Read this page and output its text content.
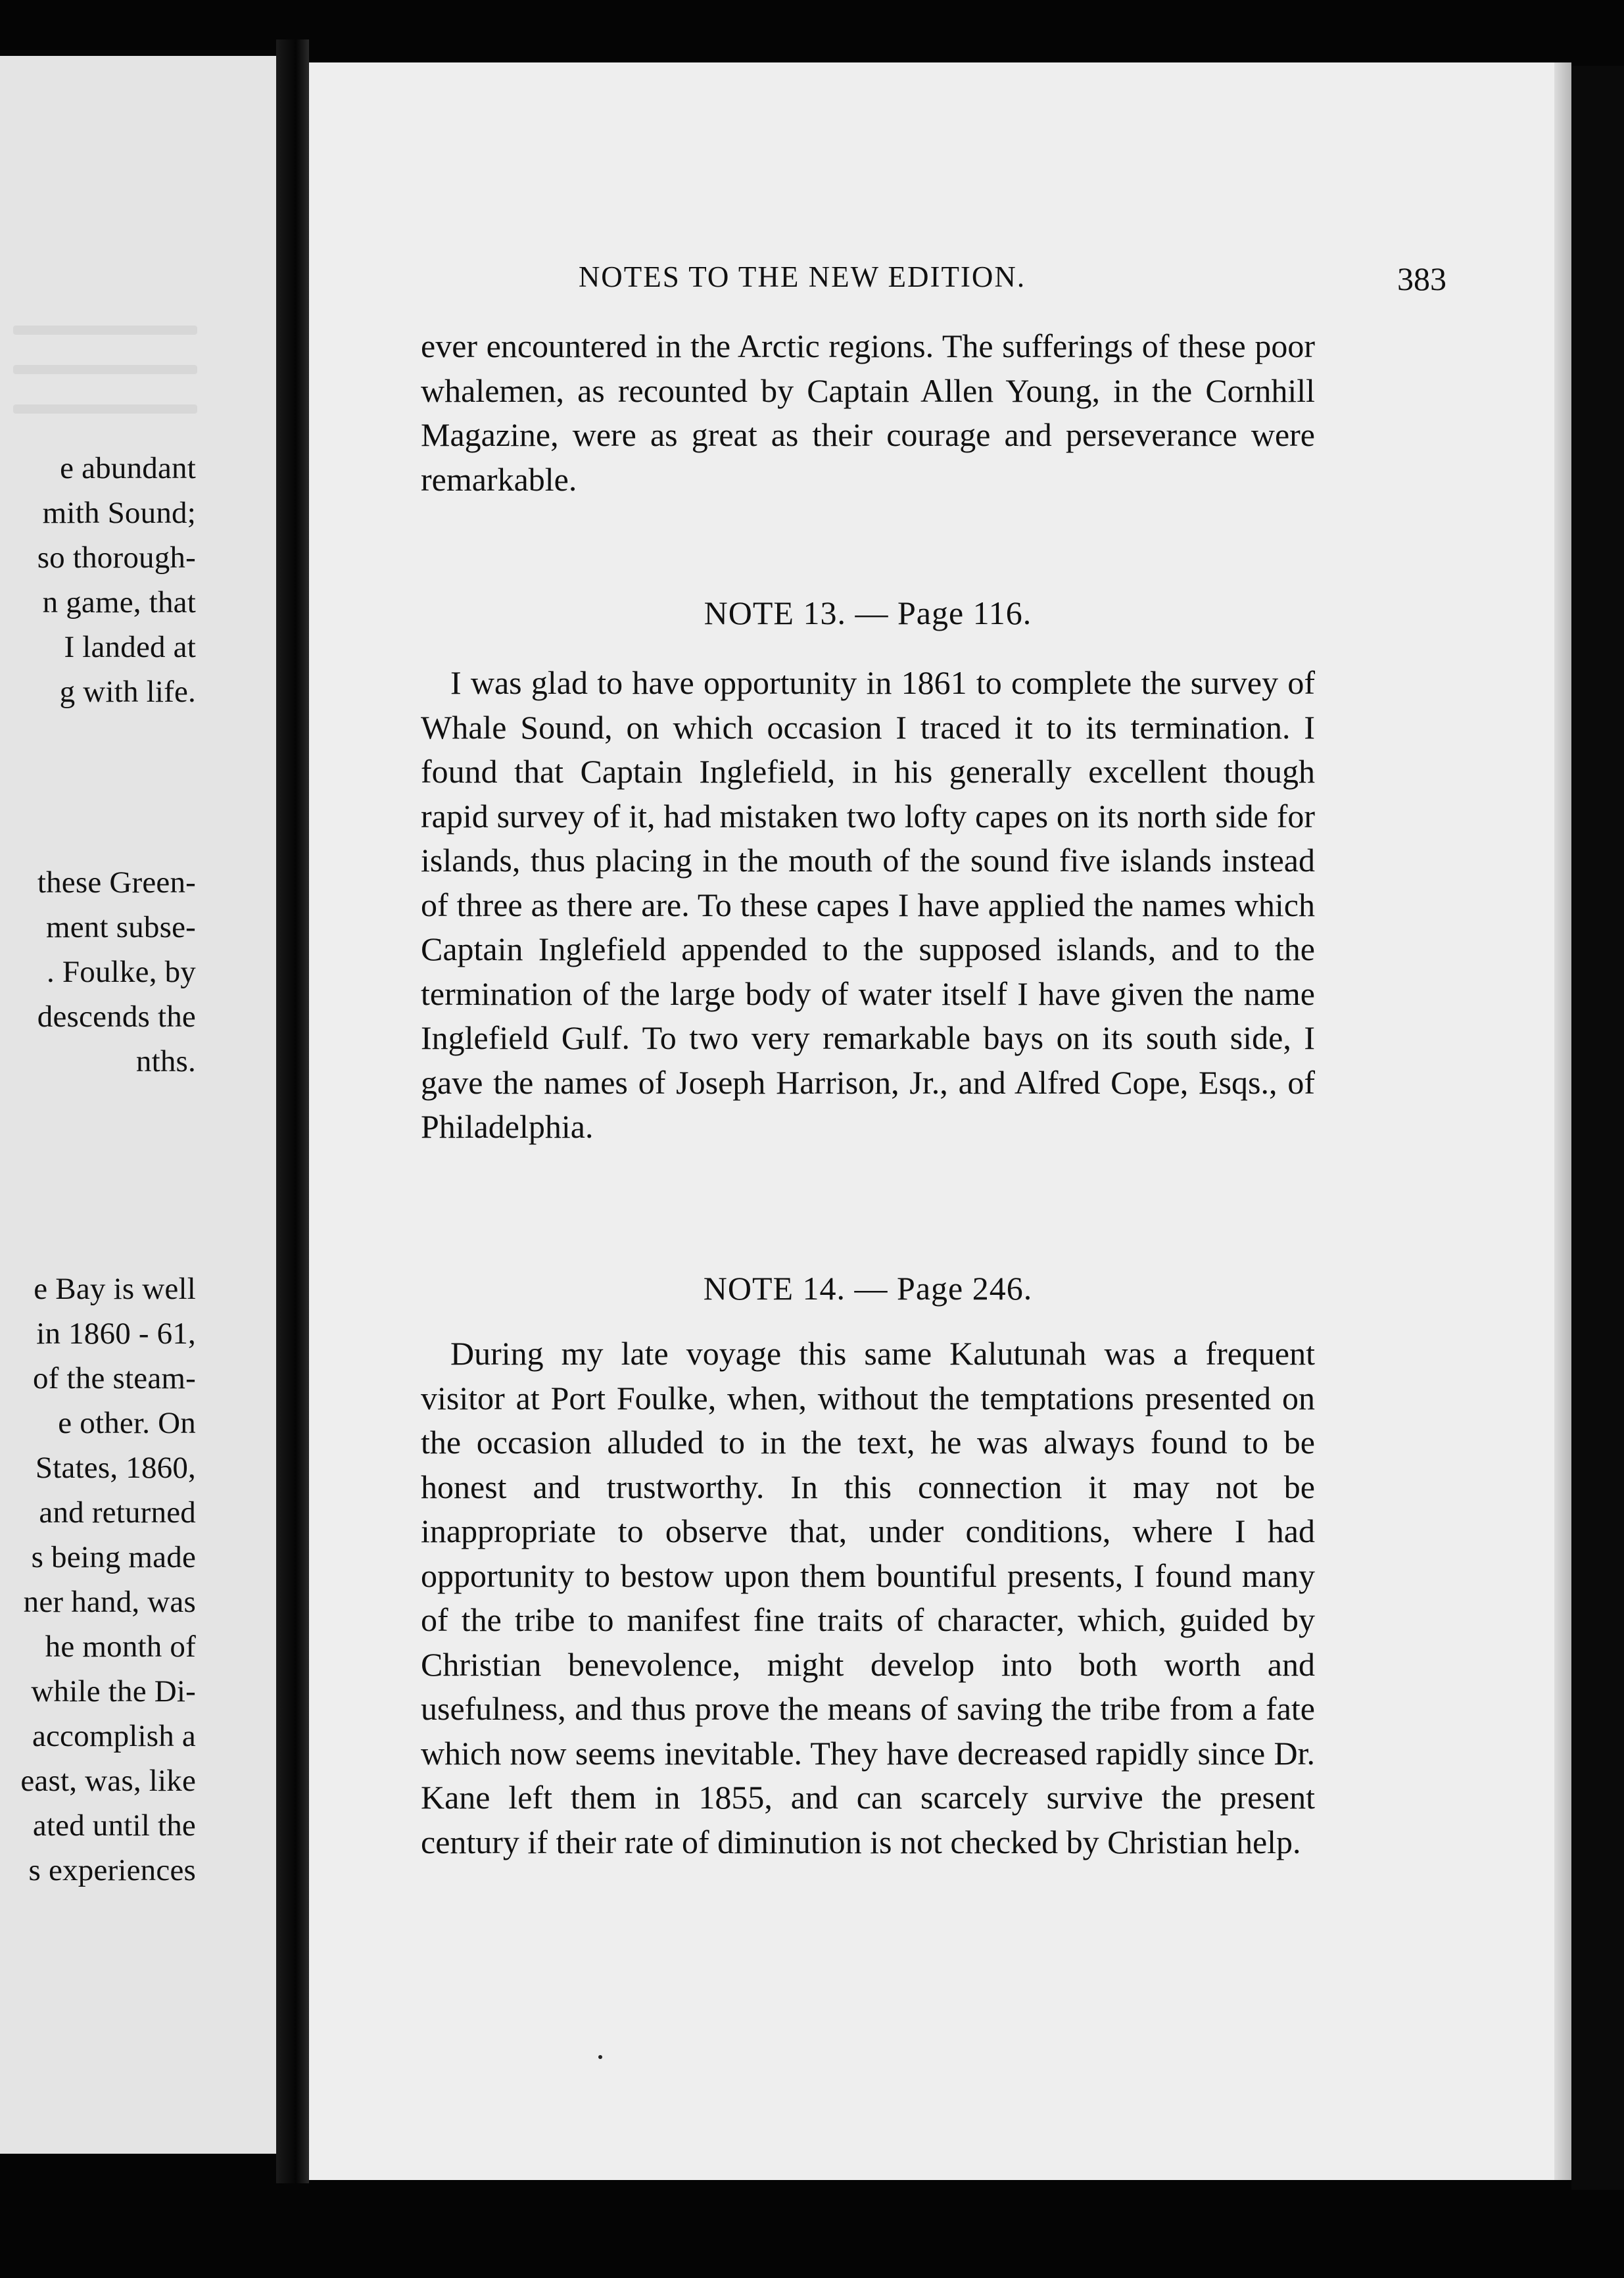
e abundant
mith Sound;
so thorough-
n game, that
I landed at
g with life.
these Green-
ment subse-
. Foulke, by
descends the
nths.
e Bay is well
in 1860 - 61,
of the steam-
e other. On
States, 1860,
and returned
s being made
ner hand, was
he month of
while the Di-
accomplish a
east, was, like
ated until the
s experiences
NOTES TO THE NEW EDITION.	383

ever encountered in the Arctic regions. The sufferings of these poor whalemen, as recounted by Captain Allen Young, in the Cornhill Magazine, were as great as their courage and perseverance were remarkable.

NOTE 13. — Page 116.

I was glad to have opportunity in 1861 to complete the survey of Whale Sound, on which occasion I traced it to its termination. I found that Captain Inglefield, in his generally excellent though rapid survey of it, had mistaken two lofty capes on its north side for islands, thus placing in the mouth of the sound five islands instead of three as there are. To these capes I have applied the names which Captain Inglefield appended to the supposed islands, and to the termination of the large body of water itself I have given the name Inglefield Gulf. To two very remarkable bays on its south side, I gave the names of Joseph Harrison, Jr., and Alfred Cope, Esqs., of Philadelphia.

NOTE 14. — Page 246.

During my late voyage this same Kalutunah was a frequent visitor at Port Foulke, when, without the temptations presented on the occasion alluded to in the text, he was always found to be honest and trustworthy. In this connection it may not be inappropriate to observe that, under conditions, where I had opportunity to bestow upon them bountiful presents, I found many of the tribe to manifest fine traits of character, which, guided by Christian benevolence, might develop into both worth and usefulness, and thus prove the means of saving the tribe from a fate which now seems inevitable. They have decreased rapidly since Dr. Kane left them in 1855, and can scarcely survive the present century if their rate of diminution is not checked by Christian help.
